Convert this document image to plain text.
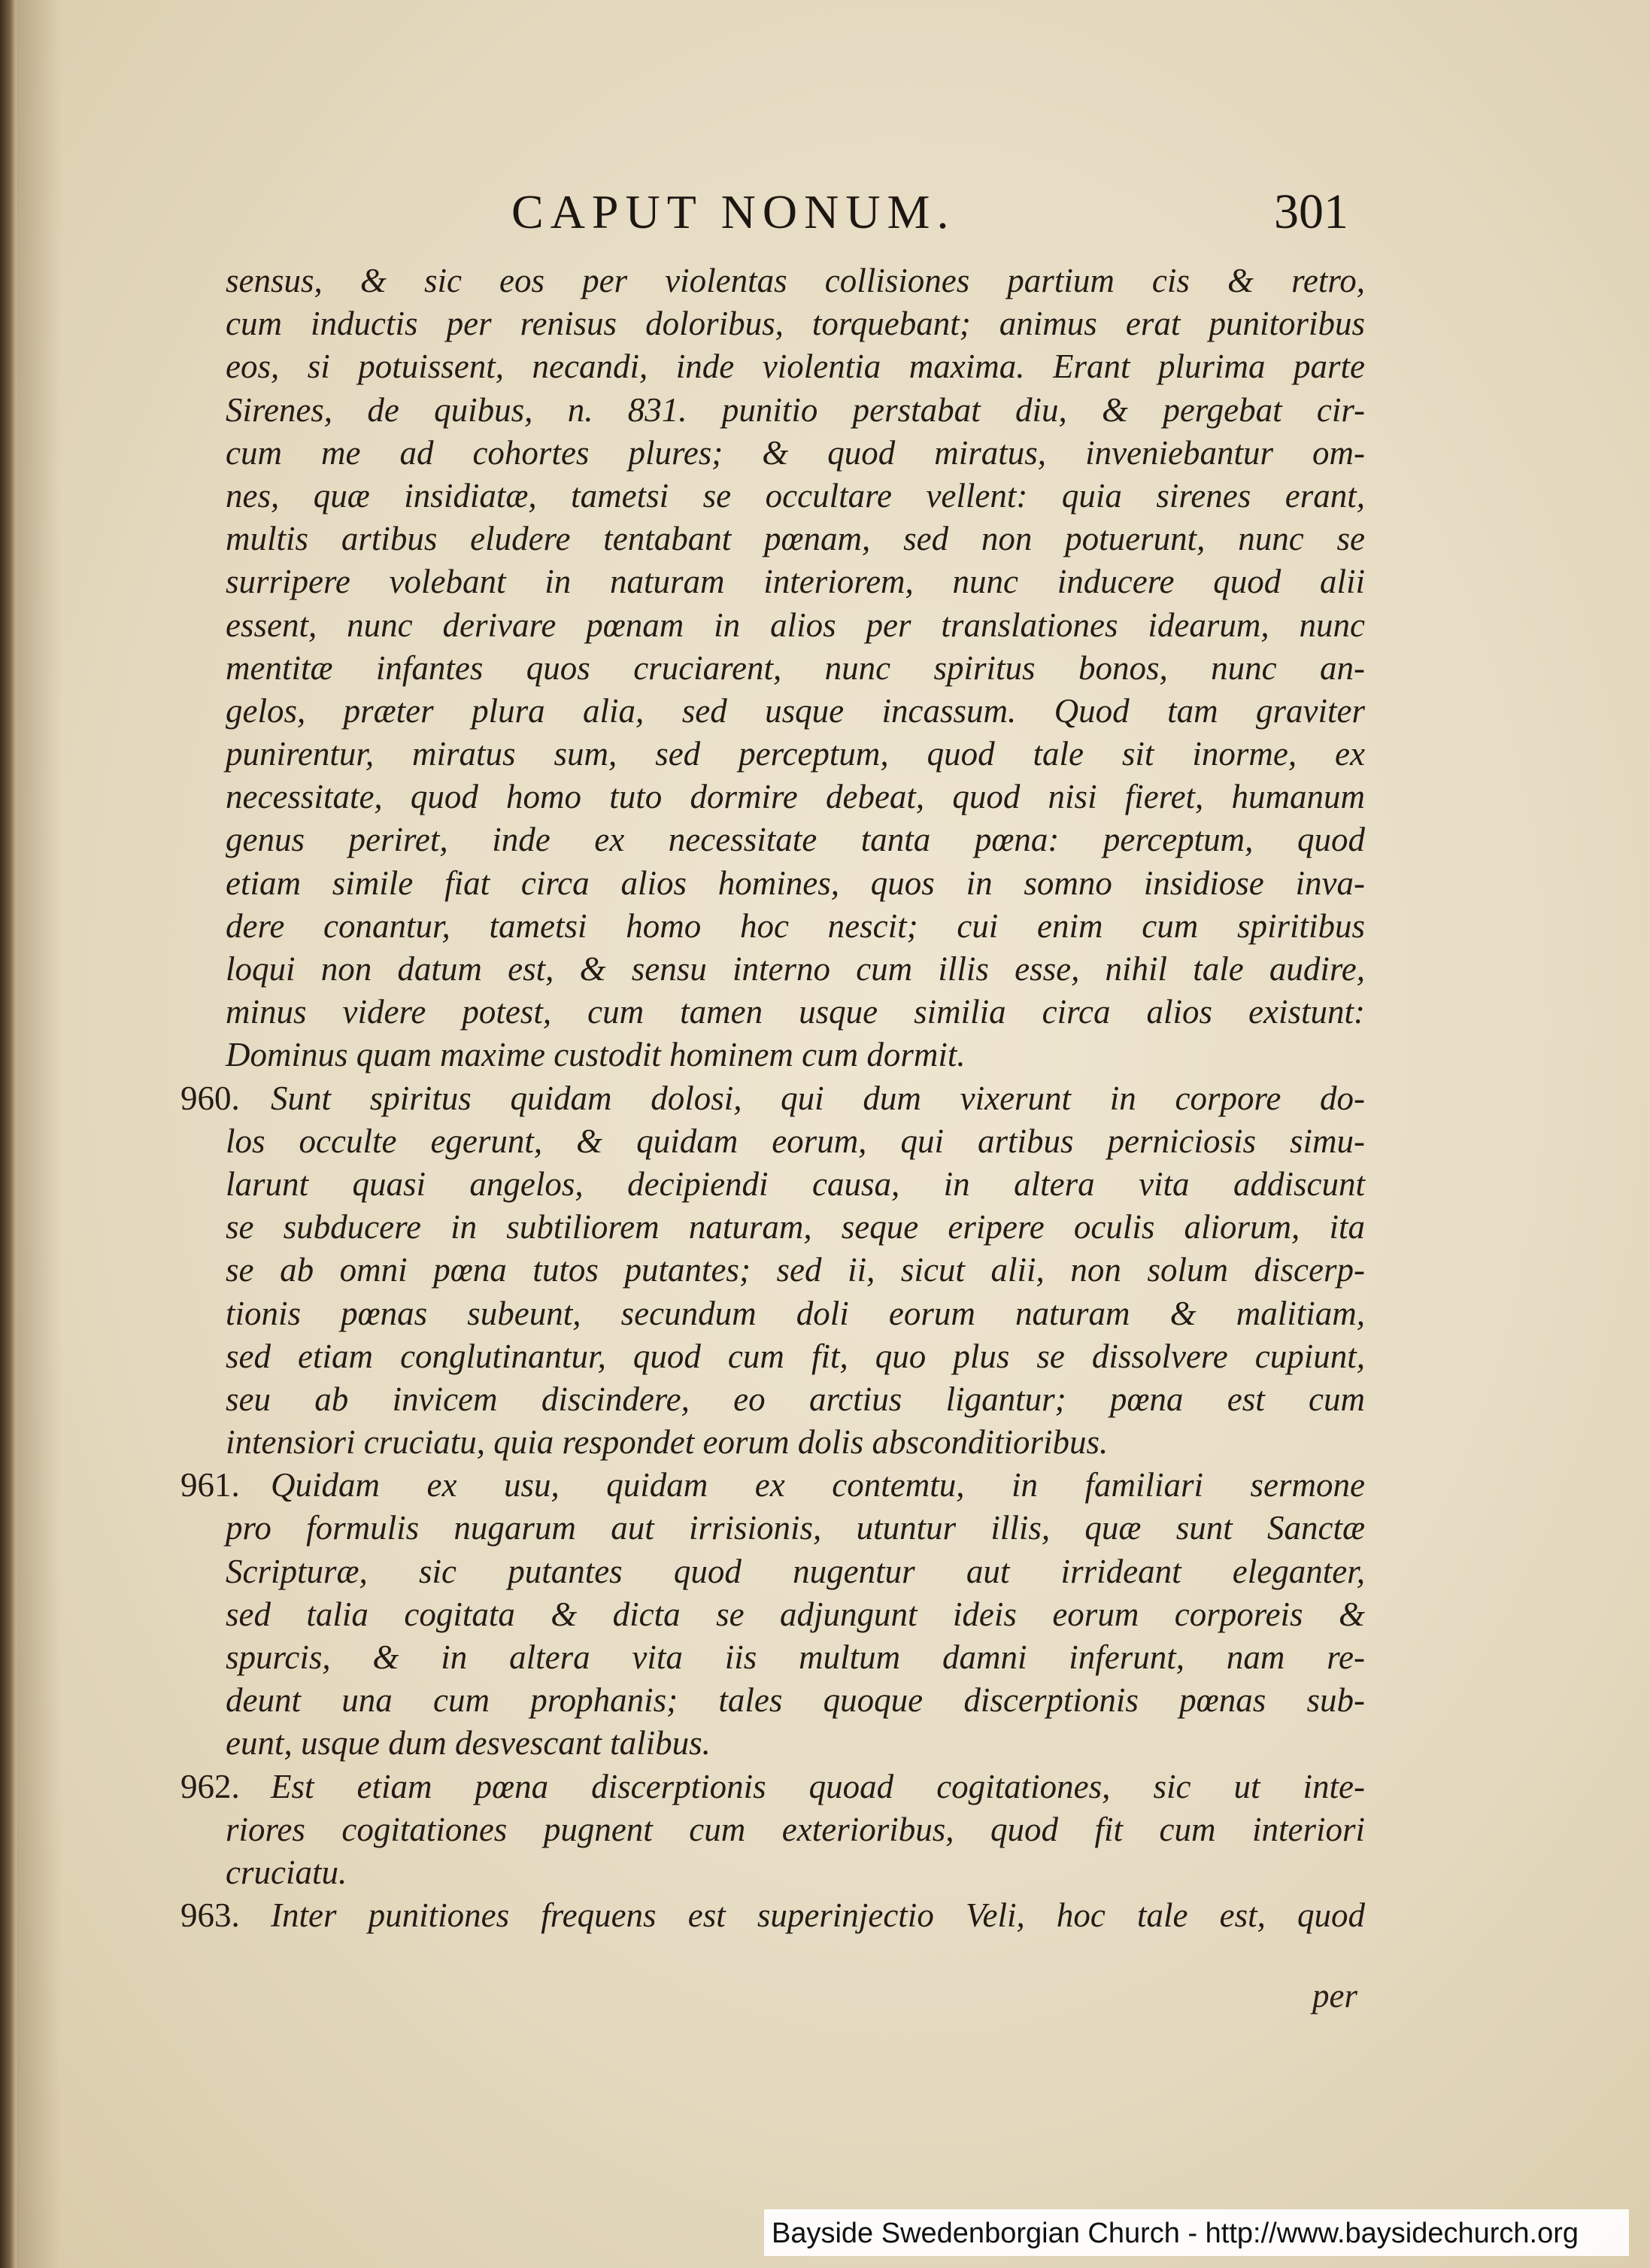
CAPUT NONUM.	301
sensus, & sic eos per violentas collisiones partium cis & retro,
cum inductis per renisus doloribus, torquebant; animus erat punitoribus
eos, si potuissent, necandi, inde violentia maxima. Erant plurima parte
Sirenes, de quibus, n. 831. punitio perstabat diu, & pergebat cir-
cum me ad cohortes plures; & quod miratus, inveniebantur om-
nes, quæ insidiatæ, tametsi se occultare vellent: quia sirenes erant,
multis artibus eludere tentabant pœnam, sed non potuerunt, nunc se
surripere volebant in naturam interiorem, nunc inducere quod alii
essent, nunc derivare pœnam in alios per translationes idearum, nunc
mentitæ infantes quos cruciarent, nunc spiritus bonos, nunc an-
gelos, præter plura alia, sed usque incassum. Quod tam graviter
punirentur, miratus sum, sed perceptum, quod tale sit inorme, ex
necessitate, quod homo tuto dormire debeat, quod nisi fieret, humanum
genus periret, inde ex necessitate tanta pœna: perceptum, quod
etiam simile fiat circa alios homines, quos in somno insidiose inva-
dere conantur, tametsi homo hoc nescit; cui enim cum spiritibus
loqui non datum est, & sensu interno cum illis esse, nihil tale audire,
minus videre potest, cum tamen usque similia circa alios existunt:
Dominus quam maxime custodit hominem cum dormit.
960. Sunt spiritus quidam dolosi, qui dum vixerunt in corpore do-
los occulte egerunt, & quidam eorum, qui artibus perniciosis simu-
larunt quasi angelos, decipiendi causa, in altera vita addiscunt
se subducere in subtiliorem naturam, seque eripere oculis aliorum, ita
se ab omni pœna tutos putantes; sed ii, sicut alii, non solum discerp-
tionis pœnas subeunt, secundum doli eorum naturam & malitiam,
sed etiam conglutinantur, quod cum fit, quo plus se dissolvere cupiunt,
seu ab invicem discindere, eo arctius ligantur; pœna est cum
intensiori cruciatu, quia respondet eorum dolis absconditioribus.
961. Quidam ex usu, quidam ex contemtu, in familiari sermone
pro formulis nugarum aut irrisionis, utuntur illis, quæ sunt Sanctæ
Scripturæ, sic putantes quod nugentur aut irrideant eleganter,
sed talia cogitata & dicta se adjungunt ideis eorum corporeis &
spurcis, & in altera vita iis multum damni inferunt, nam re-
deunt una cum prophanis; tales quoque discerptionis pœnas sub-
eunt, usque dum desvescant talibus.
962. Est etiam pœna discerptionis quoad cogitationes, sic ut inte-
riores cogitationes pugnent cum exterioribus, quod fit cum interiori
cruciatu.
963. Inter punitiones frequens est superinjectio Veli, hoc tale est, quod
per
Bayside Swedenborgian Church - http://www.baysidechurch.org
